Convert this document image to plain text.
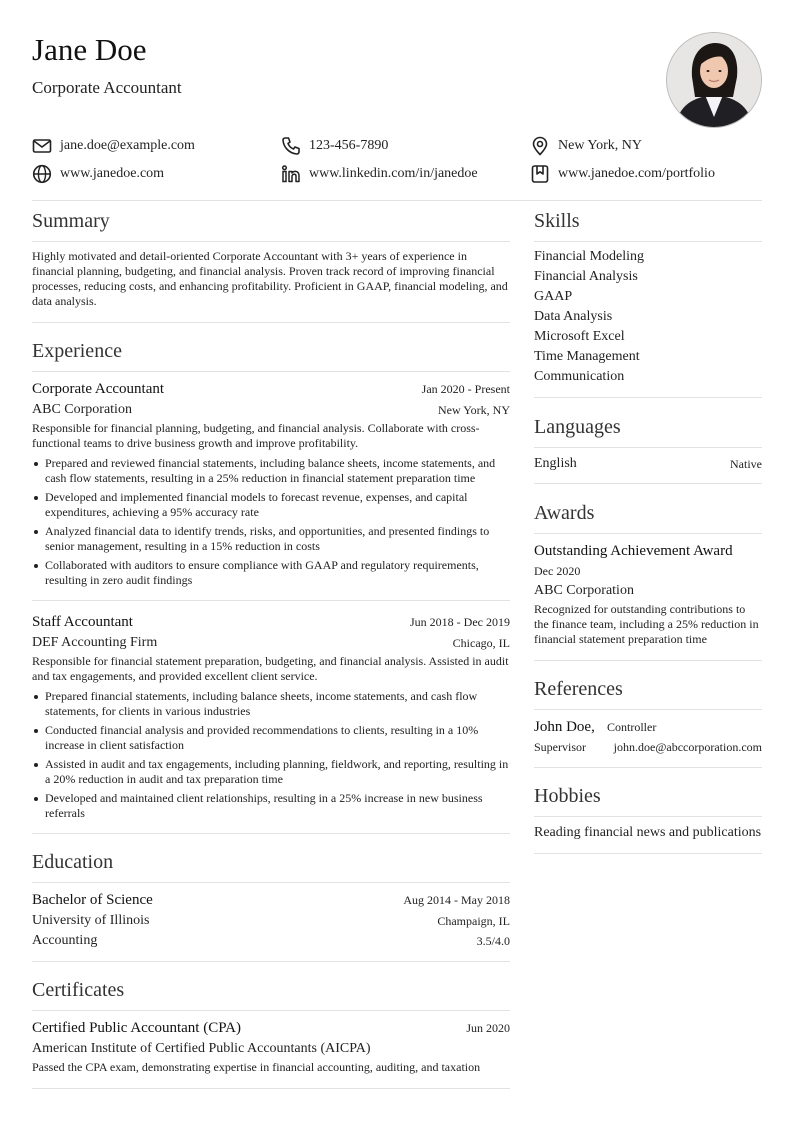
Jane Doe
Corporate Accountant
jane.doe@example.com	123-456-7890	New York, NY
www.janedoe.com	www.linkedin.com/in/janedoe	www.janedoe.com/portfolio
Summary
Highly motivated and detail-oriented Corporate Accountant with 3+ years of experience in financial planning, budgeting, and financial analysis. Proven track record of improving financial processes, reducing costs, and enhancing profitability. Proficient in GAAP, financial modeling, and data analysis.
Experience
Corporate Accountant	Jan 2020 - Present
ABC Corporation	New York, NY
Responsible for financial planning, budgeting, and financial analysis. Collaborate with cross-functional teams to drive business growth and improve profitability.
Prepared and reviewed financial statements, including balance sheets, income statements, and cash flow statements, resulting in a 25% reduction in financial statement preparation time
Developed and implemented financial models to forecast revenue, expenses, and capital expenditures, achieving a 95% accuracy rate
Analyzed financial data to identify trends, risks, and opportunities, and presented findings to senior management, resulting in a 15% reduction in costs
Collaborated with auditors to ensure compliance with GAAP and regulatory requirements, resulting in zero audit findings
Staff Accountant	Jun 2018 - Dec 2019
DEF Accounting Firm	Chicago, IL
Responsible for financial statement preparation, budgeting, and financial analysis. Assisted in audit and tax engagements, and provided excellent client service.
Prepared financial statements, including balance sheets, income statements, and cash flow statements, for clients in various industries
Conducted financial analysis and provided recommendations to clients, resulting in a 10% increase in client satisfaction
Assisted in audit and tax engagements, including planning, fieldwork, and reporting, resulting in a 20% reduction in audit and tax preparation time
Developed and maintained client relationships, resulting in a 25% increase in new business referrals
Education
Bachelor of Science	Aug 2014 - May 2018
University of Illinois	Champaign, IL
Accounting	3.5/4.0
Certificates
Certified Public Accountant (CPA)	Jun 2020
American Institute of Certified Public Accountants (AICPA)
Passed the CPA exam, demonstrating expertise in financial accounting, auditing, and taxation
Skills
Financial Modeling
Financial Analysis
GAAP
Data Analysis
Microsoft Excel
Time Management
Communication
Languages
English	Native
Awards
Outstanding Achievement Award
Dec 2020
ABC Corporation
Recognized for outstanding contributions to the finance team, including a 25% reduction in financial statement preparation time
References
John Doe, Controller
Supervisor	john.doe@abccorporation.com
Hobbies
Reading financial news and publications
